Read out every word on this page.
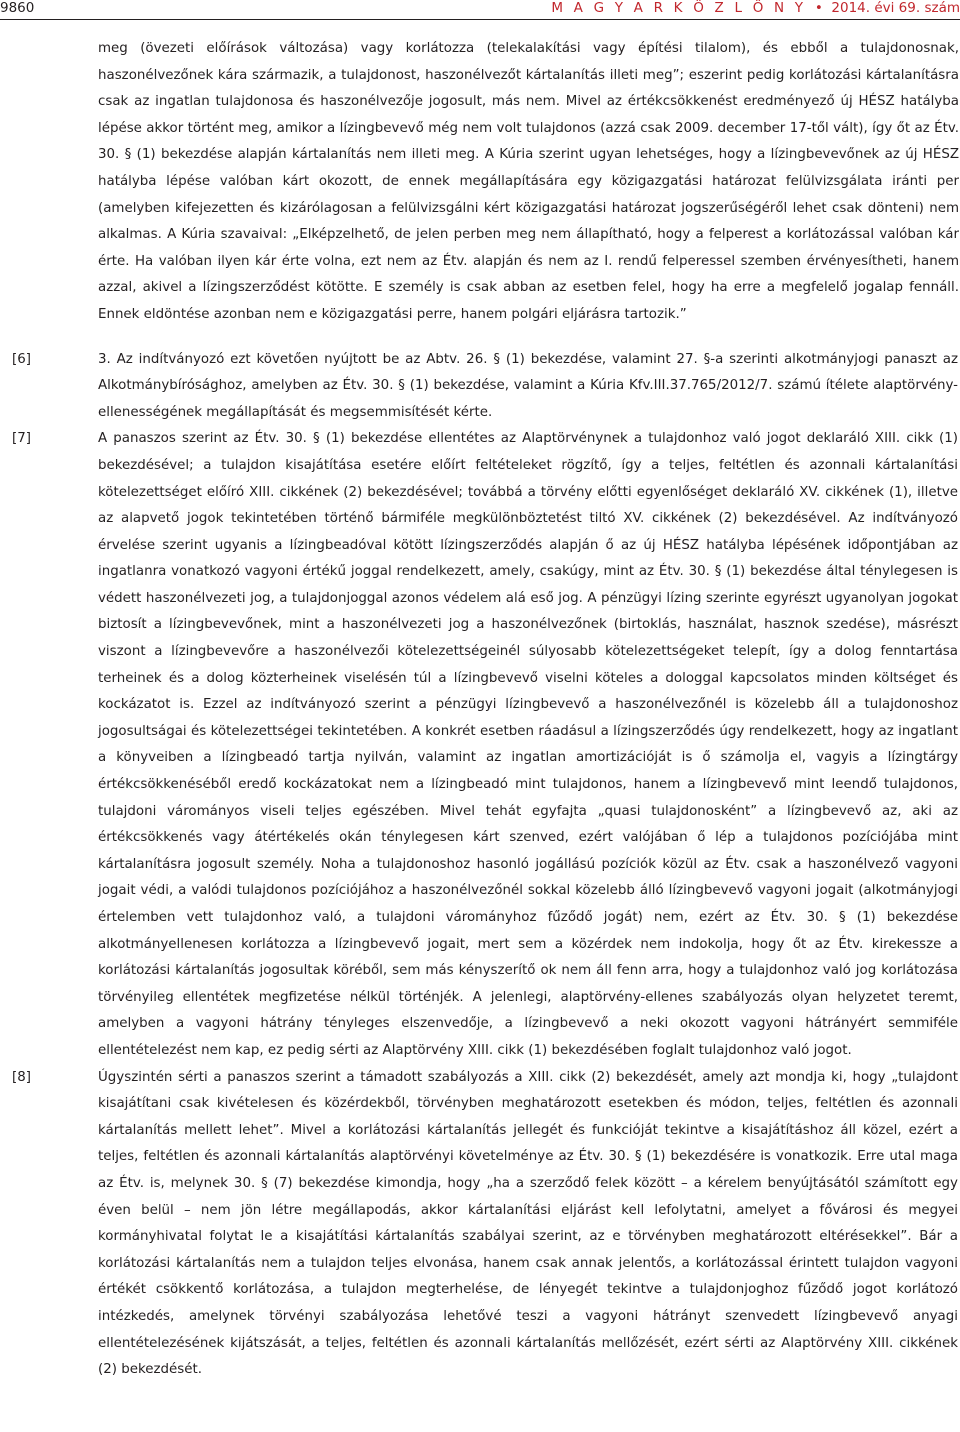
9860	M A G Y A R K Ö Z L Ö N Y • 2014. évi 69. szám
meg (övezeti előírások változása) vagy korlátozza (telekalakítási vagy építési tilalom), és ebből a tulajdonosnak, haszonélvezőnek kára származik, a tulajdonost, haszonélvezőt kártalanítás illeti meg”; eszerint pedig korlátozási kártalanításra csak az ingatlan tulajdonosa és haszonélvezője jogosult, más nem. Mivel az értékcsökkenést eredményező új HÉSZ hatályba lépése akkor történt meg, amikor a lízingbevevő még nem volt tulajdonos (azzá csak 2009. december 17-től vált), így őt az Étv. 30. § (1) bekezdése alapján kártalanítás nem illeti meg. A Kúria szerint ugyan lehetséges, hogy a lízingbevevőnek az új HÉSZ hatályba lépése valóban kárt okozott, de ennek megállapítására egy közigazgatási határozat felülvizsgálata iránti per (amelyben kifejezetten és kizárólagosan a felülvizsgálni kért közigazgatási határozat jogszerűségéről lehet csak dönteni) nem alkalmas. A Kúria szavaival: „Elképzelhető, de jelen perben meg nem állapítható, hogy a felperest a korlátozással valóban kár érte. Ha valóban ilyen kár érte volna, ezt nem az Étv. alapján és nem az I. rendű felperessel szemben érvényesítheti, hanem azzal, akivel a lízingszerződést kötötte. E személy is csak abban az esetben felel, hogy ha erre a megfelelő jogalap fennáll. Ennek eldöntése azonban nem e közigazgatási perre, hanem polgári eljárásra tartozik.”
[6]	3. Az indítványozó ezt követően nyújtott be az Abtv. 26. § (1) bekezdése, valamint 27. §-a szerinti alkotmányjogi panaszt az Alkotmánybírósághoz, amelyben az Étv. 30. § (1) bekezdése, valamint a Kúria Kfv.III.37.765/2012/7. számú ítélete alaptörvény-ellenességének megállapítását és megsemmisítését kérte.
[7]	A panaszos szerint az Étv. 30. § (1) bekezdése ellentétes az Alaptörvénynek a tulajdonhoz való jogot deklaráló XIII. cikk (1) bekezdésével; a tulajdon kisajátítása esetére előírt feltételeket rögzítő, így a teljes, feltétlen és azonnali kártalanítási kötelezettséget előíró XIII. cikkének (2) bekezdésével; továbbá a törvény előtti egyenlőséget deklaráló XV. cikkének (1), illetve az alapvető jogok tekintetében történő bármiféle megkülönböztetést tiltó XV. cikkének (2) bekezdésével. Az indítványozó érvelése szerint ugyanis a lízingbeadóval kötött lízingszerződés alapján ő az új HÉSZ hatályba lépésének időpontjában az ingatlanra vonatkozó vagyoni értékű joggal rendelkezett, amely, csakúgy, mint az Étv. 30. § (1) bekezdése által ténylegesen is védett haszonélvezeti jog, a tulajdonjoggal azonos védelem alá eső jog. A pénzügyi lízing szerinte egyrészt ugyanolyan jogokat biztosít a lízingbevevőnek, mint a haszonélvezeti jog a haszonélvezőnek (birtoklás, használat, hasznok szedése), másrészt viszont a lízingbevevőre a haszonélvezői kötelezettségeinél súlyosabb kötelezettségeket telepít, így a dolog fenntartása terheinek és a dolog közterheinek viselésén túl a lízingbevevő viselni köteles a dologgal kapcsolatos minden költséget és kockázatot is. Ezzel az indítványozó szerint a pénzügyi lízingbevevő a haszonélvezőnél is közelebb áll a tulajdonoshoz jogosultságai és kötelezettségei tekintetében. A konkrét esetben ráadásul a lízingszerződés úgy rendelkezett, hogy az ingatlant a könyveiben a lízingbeadó tartja nyilván, valamint az ingatlan amortizációját is ő számolja el, vagyis a lízingtárgy értékcsökkenéséből eredő kockázatokat nem a lízingbeadó mint tulajdonos, hanem a lízingbevevő mint leendő tulajdonos, tulajdoni várományos viseli teljes egészében. Mivel tehát egyfajta „quasi tulajdonosként” a lízingbevevő az, aki az értékcsökkenés vagy átértékelés okán ténylegesen kárt szenved, ezért valójában ő lép a tulajdonos pozíciójába mint kártalanításra jogosult személy. Noha a tulajdonoshoz hasonló jogállású pozíciók közül az Étv. csak a haszonélvező vagyoni jogait védi, a valódi tulajdonos pozíciójához a haszonélvezőnél sokkal közelebb álló lízingbevevő vagyoni jogait (alkotmányjogi értelemben vett tulajdonhoz való, a tulajdoni várományhoz fűződő jogát) nem, ezért az Étv. 30. § (1) bekezdése alkotmányellenesen korlátozza a lízingbevevő jogait, mert sem a közérdek nem indokolja, hogy őt az Étv. kirekessze a korlátozási kártalanítás jogosultak köréből, sem más kényszerítő ok nem áll fenn arra, hogy a tulajdonhoz való jog korlátozása törvényileg ellentétek megfizetése nélkül történjék. A jelenlegi, alaptörvény-ellenes szabályozás olyan helyzetet teremt, amelyben a vagyoni hátrány tényleges elszenvedője, a lízingbevevő a neki okozott vagyoni hátrányért semmiféle ellentételezést nem kap, ez pedig sérti az Alaptörvény XIII. cikk (1) bekezdésében foglalt tulajdonhoz való jogot.
[8]	Úgyszintén sérti a panaszos szerint a támadott szabályozás a XIII. cikk (2) bekezdését, amely azt mondja ki, hogy „tulajdont kisajátítani csak kivételesen és közérdekből, törvényben meghatározott esetekben és módon, teljes, feltétlen és azonnali kártalanítás mellett lehet”. Mivel a korlátozási kártalanítás jellegét és funkcióját tekintve a kisajátításhoz áll közel, ezért a teljes, feltétlen és azonnali kártalanítás alaptörvényi követelménye az Étv. 30. § (1) bekezdésére is vonatkozik. Erre utal maga az Étv. is, melynek 30. § (7) bekezdése kimondja, hogy „ha a szerződő felek között – a kérelem benyújtásától számított egy éven belül – nem jön létre megállapodás, akkor kártalanítási eljárást kell lefolytatni, amelyet a fővárosi és megyei kormányhivatal folytat le a kisajátítási kártalanítás szabályai szerint, az e törvényben meghatározott eltérésekkel”. Bár a korlátozási kártalanítás nem a tulajdon teljes elvonása, hanem csak annak jelentős, a korlátozással érintett tulajdon vagyoni értékét csökkentő korlátozása, a tulajdon megterhelése, de lényegét tekintve a tulajdonjoghoz fűződő jogot korlátozó intézkedés, amelynek törvényi szabályozása lehetővé teszi a vagyoni hátrányt szenvedett lízingbevevő anyagi ellentételezésének kijátszását, a teljes, feltétlen és azonnali kártalanítás mellőzését, ezért sérti az Alaptörvény XIII. cikkének (2) bekezdését.
